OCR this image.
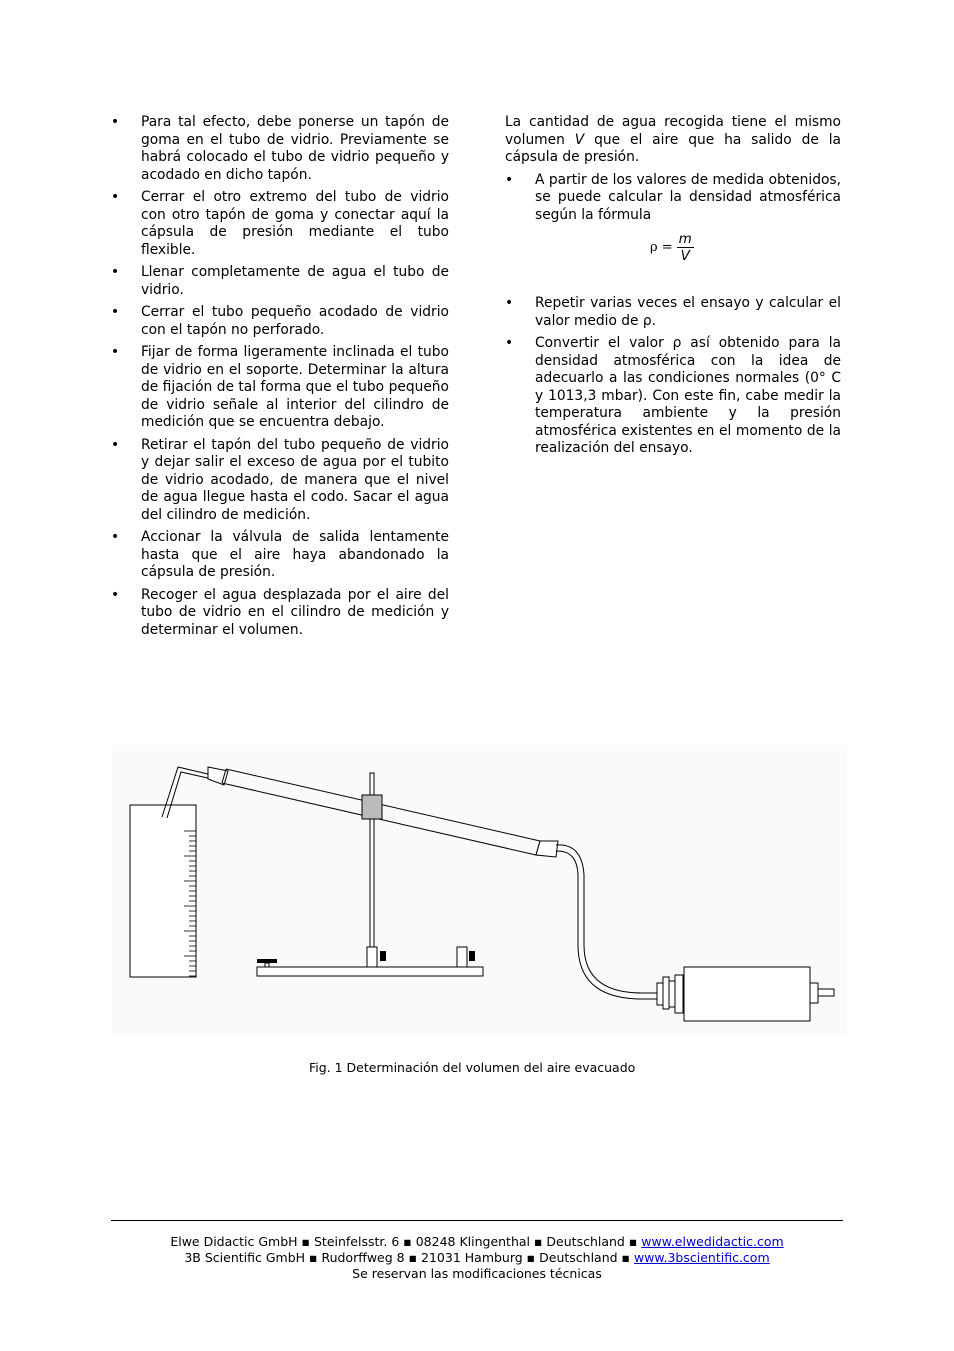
•	Para tal efecto, debe ponerse un tapón de goma en el tubo de vidrio. Previamente se habrá colocado el tubo de vidrio pequeño y acodado en dicho tapón.
•	Cerrar el otro extremo del tubo de vidrio con otro tapón de goma y conectar aquí la cápsula de presión mediante el tubo flexible.
•	Llenar completamente de agua el tubo de vidrio.
•	Cerrar el tubo pequeño acodado de vidrio con el tapón no perforado.
•	Fijar de forma ligeramente inclinada el tubo de vidrio en el soporte. Determinar la altura de fijación de tal forma que el tubo pequeño de vidrio señale al interior del cilindro de medición que se encuentra debajo.
•	Retirar el tapón del tubo pequeño de vidrio y dejar salir el exceso de agua por el tubito de vidrio acodado, de manera que el nivel de agua llegue hasta el codo. Sacar el agua del cilindro de medición.
•	Accionar la válvula de salida lentamente hasta que el aire haya abandonado la cápsula de presión.
•	Recoger el agua desplazada por el aire del tubo de vidrio en el cilindro de medición y determinar el volumen.

La cantidad de agua recogida tiene el mismo volumen V que el aire que ha salido de la cápsula de presión.

•	A partir de los valores de medida obtenidos, se puede calcular la densidad atmosférica según la fórmula
$\rho = \frac{m}{V}$
•	Repetir varias veces el ensayo y calcular el valor medio de ρ.
•	Convertir el valor ρ así obtenido para la densidad atmosférica con la idea de adecuarlo a las condiciones normales (0° C y 1013,3 mbar). Con este fin, cabe medir la temperatura ambiente y la presión atmosférica existentes en el momento de la realización del ensayo.
Fig. 1 Determinación del volumen del aire evacuado
Elwe Didactic GmbH ▪ Steinfelsstr. 6 ▪ 08248 Klingenthal ▪ Deutschland ▪ www.elwedidactic.com
3B Scientific GmbH ▪ Rudorffweg 8 ▪ 21031 Hamburg ▪ Deutschland ▪ www.3bscientific.com
Se reservan las modificaciones técnicas
